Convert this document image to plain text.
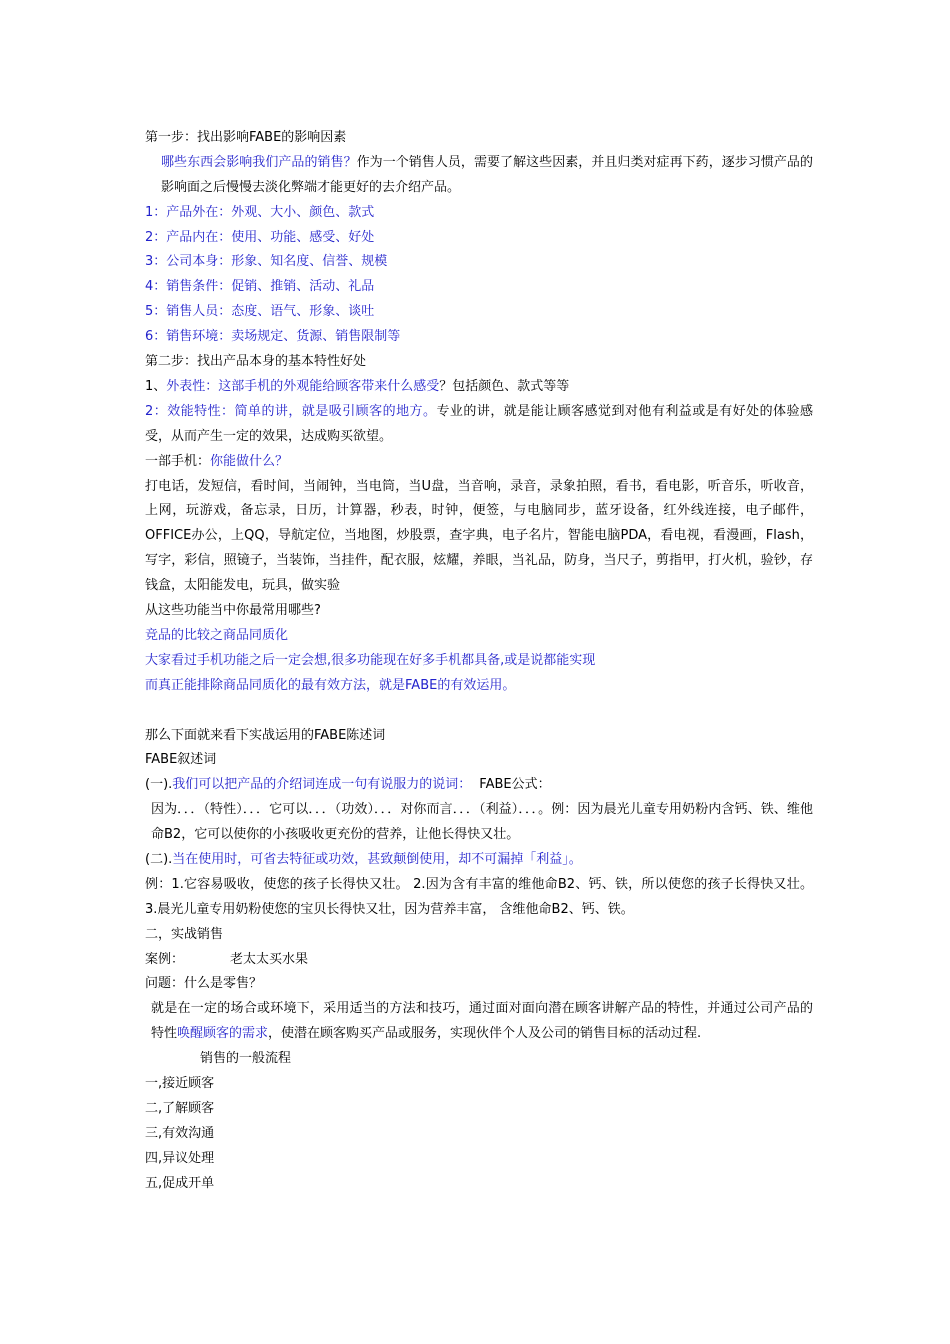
第一步：找出影响FABE的影响因素
哪些东西会影响我们产品的销售？作为一个销售人员，需要了解这些因素，并且归类对症再下药，逐步习惯产品的影响面之后慢慢去淡化弊端才能更好的去介绍产品。
1：产品外在：外观、大小、颜色、款式
2：产品内在：使用、功能、感受、好处
3：公司本身：形象、知名度、信誉、规模
4：销售条件：促销、推销、活动、礼品
5：销售人员：态度、语气、形象、谈吐
6：销售环境：卖场规定、货源、销售限制等
第二步：找出产品本身的基本特性好处
1、外表性：这部手机的外观能给顾客带来什么感受？包括颜色、款式等等
2：效能特性：简单的讲，就是吸引顾客的地方。专业的讲，就是能让顾客感觉到对他有利益或是有好处的体验感受，从而产生一定的效果，达成购买欲望。
一部手机：你能做什么？
打电话，发短信，看时间，当闹钟，当电筒，当U盘，当音响，录音，录象拍照，看书，看电影，听音乐，听收音，上网，玩游戏，备忘录，日历，计算器，秒表，时钟，便签，与电脑同步，蓝牙设备，红外线连接，电子邮件，OFFICE办公，上QQ，导航定位，当地图，炒股票，查字典，电子名片，智能电脑PDA，看电视，看漫画，Flash，写字，彩信，照镜子，当装饰，当挂件，配衣服，炫耀，养眼，当礼品，防身，当尺子，剪指甲，打火机，验钞，存钱盒，太阳能发电，玩具，做实验
从这些功能当中你最常用哪些?
竞品的比较之商品同质化
大家看过手机功能之后一定会想,很多功能现在好多手机都具备,或是说都能实现
而真正能排除商品同质化的最有效方法，就是FABE的有效运用。
那么下面就来看下实战运用的FABE陈述词
FABE叙述词
(一).我们可以把产品的介绍词连成一句有说服力的说词： FABE公式：
因为．．．（特性）．．．它可以．．．（功效）．．．对你而言．．．（利益）．．．。例：因为晨光儿童专用奶粉内含钙、铁、维他命B2，它可以使你的小孩吸收更充份的营养，让他长得快又壮。
(二).当在使用时，可省去特征或功效，甚致颠倒使用，却不可漏掉「利益」。
例：1.它容易吸收，使您的孩子长得快又壮。 2.因为含有丰富的维他命B2、钙、铁，所以使您的孩子长得快又壮。 3.晨光儿童专用奶粉使您的宝贝长得快又壮，因为营养丰富， 含维他命B2、钙、铁。
二，实战销售
案例：	老太太买水果
问题：什么是零售？
就是在一定的场合或环境下，采用适当的方法和技巧，通过面对面向潜在顾客讲解产品的特性，并通过公司产品的特性唤醒顾客的需求，使潜在顾客购买产品或服务，实现伙伴个人及公司的销售目标的活动过程.
销售的一般流程
一,接近顾客
二,了解顾客
三,有效沟通
四,异议处理
五,促成开单
